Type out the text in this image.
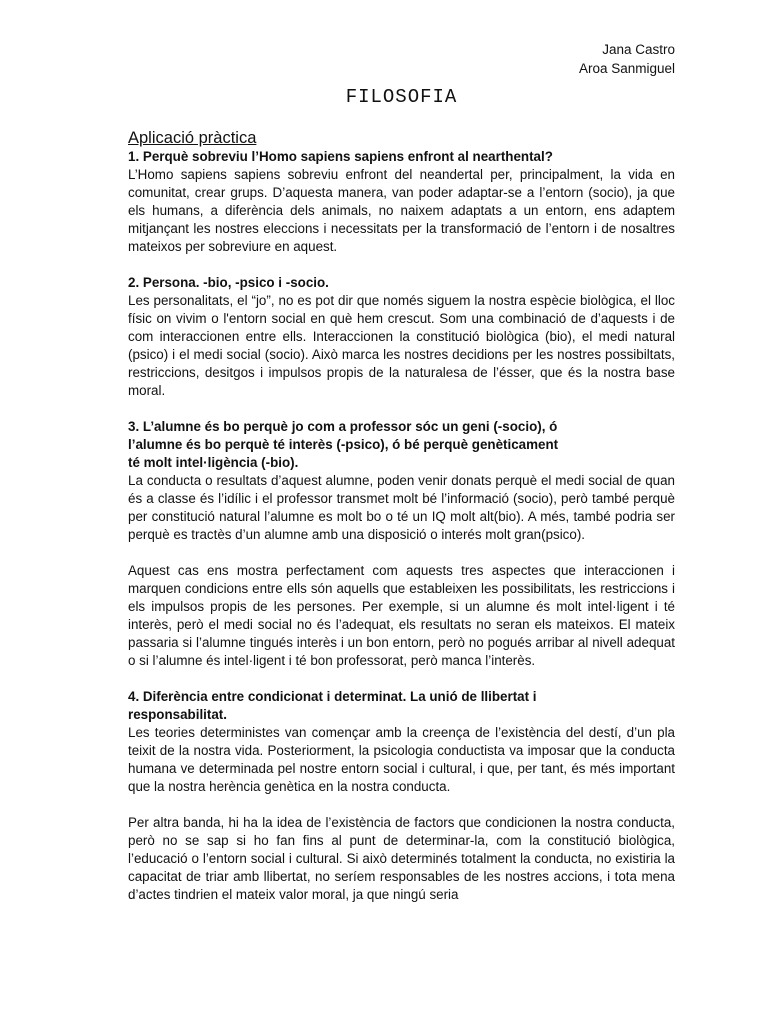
Jana Castro
Aroa Sanmiguel
FILOSOFIA
Aplicació pràctica

1. Perquè sobreviu l’Homo sapiens sapiens enfront al nearthental?

L’Homo sapiens sapiens sobreviu enfront del neandertal per, principalment, la vida en comunitat, crear grups. D’aquesta manera, van poder adaptar-se a l’entorn (socio), ja que els humans, a diferència dels animals, no naixem adaptats a un entorn, ens adaptem mitjançant les nostres eleccions i necessitats per la transformació de l’entorn i de nosaltres mateixos per sobreviure en aquest.

2. Persona. -bio, -psico i -socio.

Les personalitats, el “jo”, no es pot dir que només siguem la nostra espècie biològica, el lloc físic on vivim o l'entorn social en què hem crescut. Som una combinació de d’aquests i de com interaccionen entre ells. Interaccionen la constitució biològica (bio), el medi natural (psico) i el medi social (socio). Això marca les nostres decidions per les nostres possibiltats, restriccions, desitgos i impulsos propis de la naturalesa de l’ésser, que és la nostra base moral.

3. L’alumne és bo perquè jo com a professor sóc un geni (-socio), ó
l’alumne és bo perquè té interès (-psico), ó bé perquè genèticament
té molt intel·ligència (-bio).

La conducta o resultats d’aquest alumne, poden venir donats perquè el medi social de quan és a classe és l’idílic i el professor transmet molt bé l’informació (socio), però també perquè per constitució natural l’alumne es molt bo o té un IQ molt alt(bio). A més, també podria ser perquè es tractès d’un alumne amb una disposició o interés molt gran(psico).

Aquest cas ens mostra perfectament com aquests tres aspectes que interaccionen i marquen condicions entre ells són aquells que estableixen les possibilitats, les restriccions i els impulsos propis de les persones. Per exemple, si un alumne és molt intel·ligent i té interès, però el medi social no és l’adequat, els resultats no seran els mateixos. El mateix passaria si l’alumne tingués interès i un bon entorn, però no pogués arribar al nivell adequat o si l’alumne és intel·ligent i té bon professorat, però manca l’interès.

4. Diferència entre condicionat i determinat. La unió de llibertat i
responsabilitat.

Les teories deterministes van començar amb la creença de l’existència del destí, d’un pla teixit de la nostra vida. Posteriorment, la psicologia conductista va imposar que la conducta humana ve determinada pel nostre entorn social i cultural, i que, per tant, és més important que la nostra herència genètica en la nostra conducta.

Per altra banda, hi ha la idea de l’existència de factors que condicionen la nostra conducta, però no se sap si ho fan fins al punt de determinar-la, com la constitució biològica, l’educació o l’entorn social i cultural. Si això determinés totalment la conducta, no existiria la capacitat de triar amb llibertat, no seríem responsables de les nostres accions, i tota mena d’actes tindrien el mateix valor moral, ja que ningú seria
